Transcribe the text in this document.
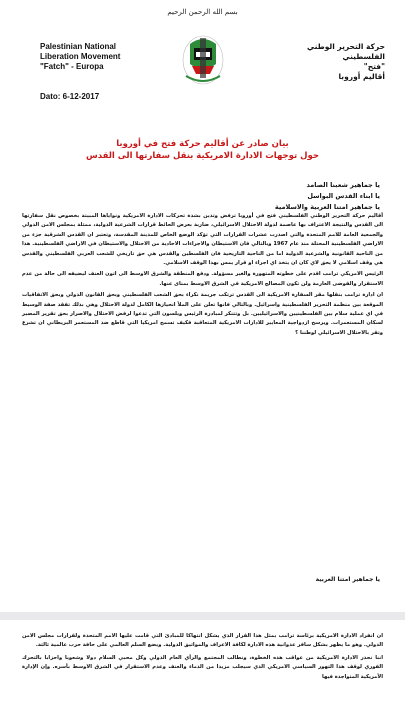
بسم الله الرحمن الرحيم
Palestinian National
Liberation Movement
"Fatch" - Europa
Dato: 6-12-2017
حركة التحرير الوطني الفلسطيني
"فتح"
أقاليم أوروبا
بيان صادر عن أقاليم حركة فتح في أوروبا
حول توجهات الادارة الامريكية بنقل سفارتها الى القدس
يا جماهير شعبنا الصامد
يا ابناء القدس البواسل
يا جماهير امتنا العربية والاسلامية

أقاليم حركة التحرير الوطني الفلسطيني فتح في أوروبا ترفض وتدين بشدة تحركات الادارة الامريكية ونواياها المبيتة بخصوص نقل سفارتها الى القدس والنتيجة الاعتراف بها عاصمة لدولة الاحتلال الاسرائيلي، ضاربة بعرض الحائط قرارات الشرعية الدولية، ممثلة بمجلس الامن الدولي والجمعية العامة للامم المتحدة والتي اصدرت عشرات القرارات التي تؤكد الوضع الخاص للمدينة المقدسة، وتعتبر ان القدس الشرقية جزء من الاراضي الفلسطينية المحتلة منذ عام 1967 وبالتالي فان الاستيطان والاجراءات الاحادية من الاحتلال والاستيطان في الاراضي الفلسطينية. هذا من الناحية القانونية والشرعية الدولية اما من الناحية التاريخية فان الفلسطين والقدس هي حق تاريخي للشعب العربي الفلسطيني والقدس هي وقف اسلامي لا يحق لاي كان ان يتخذ اي اجراء او قرار يمس بهذا الوقف الاسلامي.

الرئيس الامريكي ترامب اقدم على خطوته المتهورة والغير مسؤولة. ودفع المنطقة والشرق الاوسط الى اتون العنف ليضيفه الى حالة من عدم الاستقرار والفوضى العارمة ولن تكون المصالح الامريكية في الشرق الاوسط بمناى عنها.

ان ادارة ترامب بنقلها مقر السفارة الامريكية الى القدس ترتكب جريمة نكراء بحق الشعب الفلسطيني وبحق القانون الدولي وبحق الاتفاقيات الموقعة بين منظمة التحرير الفلسطينية واسرائيل. وبالتالي فانها تعلن على الملأ انحيازها الكامل لدولة الاحتلال وهي بذلك تفقد صفة الوسيط في اي عملية سلام بين الفلسطينيين والاسرائيليين. بل وتتنكر لمبادرة الرئيس ويلسون التي تدعوا لرفض الاحتلال والاصرار بحق تقرير المصير لسكان المستعمرات. ويرسخ ازدواجية المعايير للادارات الامريكية المتعاقبة فكيف تسمح امريكيا التي قاطع ضد المستعمر البريطاني ان تشرع وتقر بالاحتلال الاسرائيلي لوطننا ؟

يا جماهير امتنا العربية

ان انفراد الادارة الامريكية برئاسة ترامب بمثل هذا القرار الذي يشكل انتهاكا للمبادئ التي قامت عليها الامم المتحدة ولقرارات مجلس الامن الدولي. وهو ما يظهر بشكل سافر عدوانية هذه الادارة لكافة الاعراف والمواثيق الدولية. ويضع السلم العالمي على حافة حرب عالمية ثالثة.

اننا نحذر الادارة الامريكية من عواقب هذه الخطوة، ونطالب المجتمع والرأي العام الدولي وكل محبي السلام دولا وشعوبا واحزابا بالتحرك الفوري لوقف هذا التهور السياسي الامريكي الذي سيجلب مزيدا من الدماء والعنف وعدم الاستقرار في الشرق الاوسط بأسره. وإن الإدارة الأمريكية المتواجدة فيها
